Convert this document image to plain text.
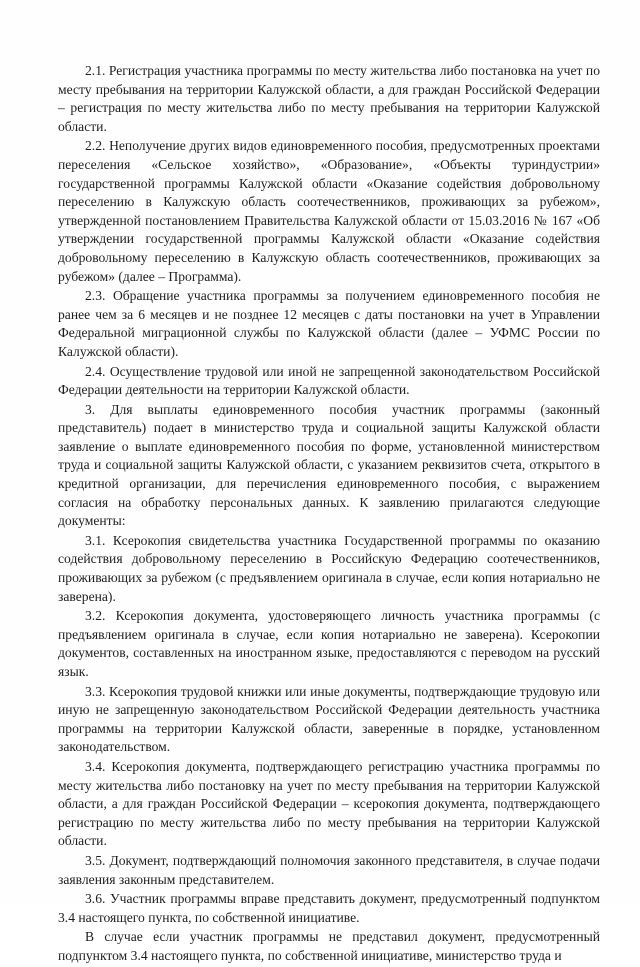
2.1. Регистрация участника программы по месту жительства либо постановка на учет по месту пребывания на территории Калужской области, а для граждан Российской Федерации – регистрация по месту жительства либо по месту пребывания на территории Калужской области.

2.2. Неполучение других видов единовременного пособия, предусмотренных проектами переселения «Сельское хозяйство», «Образование», «Объекты туриндустрии» государственной программы Калужской области «Оказание содействия добровольному переселению в Калужскую область соотечественников, проживающих за рубежом», утвержденной постановлением Правительства Калужской области от 15.03.2016 № 167 «Об утверждении государственной программы Калужской области «Оказание содействия добровольному переселению в Калужскую область соотечественников, проживающих за рубежом» (далее – Программа).

2.3. Обращение участника программы за получением единовременного пособия не ранее чем за 6 месяцев и не позднее 12 месяцев с даты постановки на учет в Управлении Федеральной миграционной службы по Калужской области (далее – УФМС России по Калужской области).

2.4. Осуществление трудовой или иной не запрещенной законодательством Российской Федерации деятельности на территории Калужской области.

3. Для выплаты единовременного пособия участник программы (законный представитель) подает в министерство труда и социальной защиты Калужской области заявление о выплате единовременного пособия по форме, установленной министерством труда и социальной защиты Калужской области, с указанием реквизитов счета, открытого в кредитной организации, для перечисления единовременного пособия, с выражением согласия на обработку персональных данных. К заявлению прилагаются следующие документы:

3.1. Ксерокопия свидетельства участника Государственной программы по оказанию содействия добровольному переселению в Российскую Федерацию соотечественников, проживающих за рубежом (с предъявлением оригинала в случае, если копия нотариально не заверена).

3.2. Ксерокопия документа, удостоверяющего личность участника программы (с предъявлением оригинала в случае, если копия нотариально не заверена). Ксерокопии документов, составленных на иностранном языке, предоставляются с переводом на русский язык.

3.3. Ксерокопия трудовой книжки или иные документы, подтверждающие трудовую или иную не запрещенную законодательством Российской Федерации деятельность участника программы на территории Калужской области, заверенные в порядке, установленном законодательством.

3.4. Ксерокопия документа, подтверждающего регистрацию участника программы по месту жительства либо постановку на учет по месту пребывания на территории Калужской области, а для граждан Российской Федерации – ксерокопия документа, подтверждающего регистрацию по месту жительства либо по месту пребывания на территории Калужской области.

3.5. Документ, подтверждающий полномочия законного представителя, в случае подачи заявления законным представителем.

3.6. Участник программы вправе представить документ, предусмотренный подпунктом 3.4 настоящего пункта, по собственной инициативе.

В случае если участник программы не представил документ, предусмотренный подпунктом 3.4 настоящего пункта, по собственной инициативе, министерство труда и
